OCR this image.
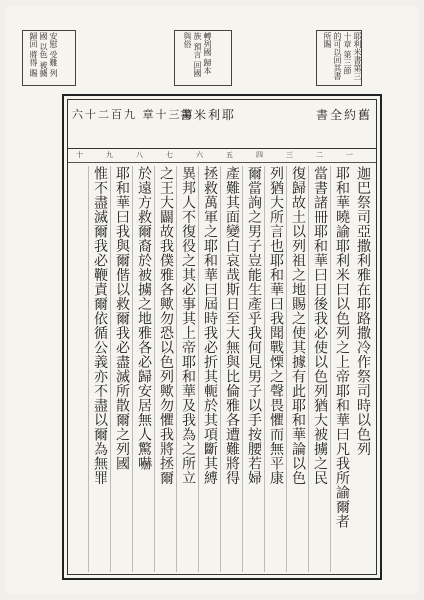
耶利米書第三十章 第三節 的可以回其書 所賜
轉列國 歸本族 預言 回國 與俗
安慰 受難 列國 以色 被擄 歸回 將得 賜
舊約全書
耶利米書
第三十章 九百二十六
十	九	八	七	六	五	四	三	二	一
迦巴祭司亞撒利雅在耶路撒冷作祭司時以色列
耶和華曉諭耶利米曰以色列之上帝耶和華曰凡我所諭爾者
當書諸冊耶和華曰日後我必使以色列猶大被擄之民
復歸故土以列祖之地賜之使其據有此耶和華論以色
列猶大所言也耶和華曰我聞戰慄之聲畏懼而無平康
爾當詢之男子豈能生產乎我何見男子以手按腰若婦
產難其面變白哀哉斯日至大無與比倫雅各遭難將得
拯救萬軍之耶和華曰屆時我必折其軛於其項斷其縛
異邦人不復役之其必事其上帝耶和華及我為之所立
之王大闢故我僕雅各歟勿恐以色列歟勿懼我將拯爾
於遠方救爾裔於被擄之地雅各必歸安居無人驚嚇
耶和華曰我與爾偕以救爾我必盡滅所散爾之列國
惟不盡滅爾我必鞭責爾依循公義亦不盡以爾為無罪
